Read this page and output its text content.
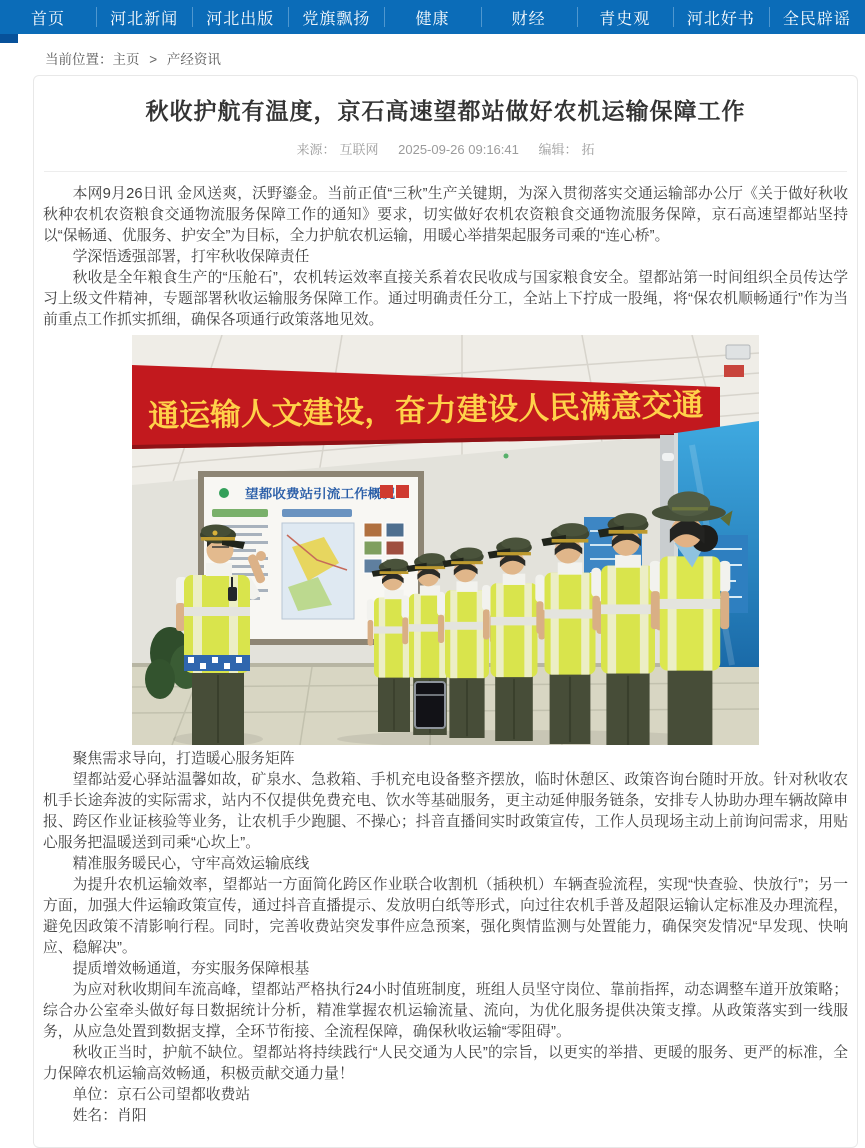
首页	河北新闻	河北出版	党旗飘扬	健康	财经	青史观	河北好书	全民辟谣
当前位置：主页 > 产经资讯
秋收护航有温度，京石高速望都站做好农机运输保障工作
来源： 互联网 2025-09-26 09:16:41 编辑： 拓

本网9月26日讯 金风送爽，沃野鎏金。当前正值“三秋”生产关键期，为深入贯彻落实交通运输部办公厅《关于做好秋收秋种农机农资粮食交通物流服务保障工作的通知》要求，切实做好农机农资粮食交通物流服务保障，京石高速望都站坚持以“保畅通、优服务、护安全”为目标，全力护航农机运输，用暖心举措架起服务司乘的“连心桥”。

学深悟透强部署，打牢秋收保障责任

秋收是全年粮食生产的“压舱石”，农机转运效率直接关系着农民收成与国家粮食安全。望都站第一时间组织全员传达学习上级文件精神，专题部署秋收运输服务保障工作。通过明确责任分工，全站上下拧成一股绳，将“保农机顺畅通行”作为当前重点工作抓实抓细，确保各项通行政策落地见效。

通运输人文建设，奋力建设人民满意交通
望都收费站引流工作概况

聚焦需求导向，打造暖心服务矩阵

望都站爱心驿站温馨如故，矿泉水、急救箱、手机充电设备整齐摆放，临时休憩区、政策咨询台随时开放。针对秋收农机手长途奔波的实际需求，站内不仅提供免费充电、饮水等基础服务，更主动延伸服务链条，安排专人协助办理车辆故障申报、跨区作业证核验等业务，让农机手少跑腿、不操心；抖音直播间实时政策宣传，工作人员现场主动上前询问需求，用贴心服务把温暖送到司乘“心坎上”。

精准服务暖民心，守牢高效运输底线

为提升农机运输效率，望都站一方面简化跨区作业联合收割机（插秧机）车辆查验流程，实现“快查验、快放行”；另一方面，加强大件运输政策宣传，通过抖音直播提示、发放明白纸等形式，向过往农机手普及超限运输认定标准及办理流程，避免因政策不清影响行程。同时，完善收费站突发事件应急预案，强化舆情监测与处置能力，确保突发情况“早发现、快响应、稳解决”。

提质增效畅通道，夯实服务保障根基

为应对秋收期间车流高峰，望都站严格执行24小时值班制度，班组人员坚守岗位、靠前指挥，动态调整车道开放策略；综合办公室牵头做好每日数据统计分析，精准掌握农机运输流量、流向，为优化服务提供决策支撑。从政策落实到一线服务，从应急处置到数据支撑，全环节衔接、全流程保障，确保秋收运输“零阻碍”。

秋收正当时，护航不缺位。望都站将持续践行“人民交通为人民”的宗旨，以更实的举措、更暖的服务、更严的标准，全力保障农机运输高效畅通，积极贡献交通力量！

单位：京石公司望都收费站

姓名：肖阳
